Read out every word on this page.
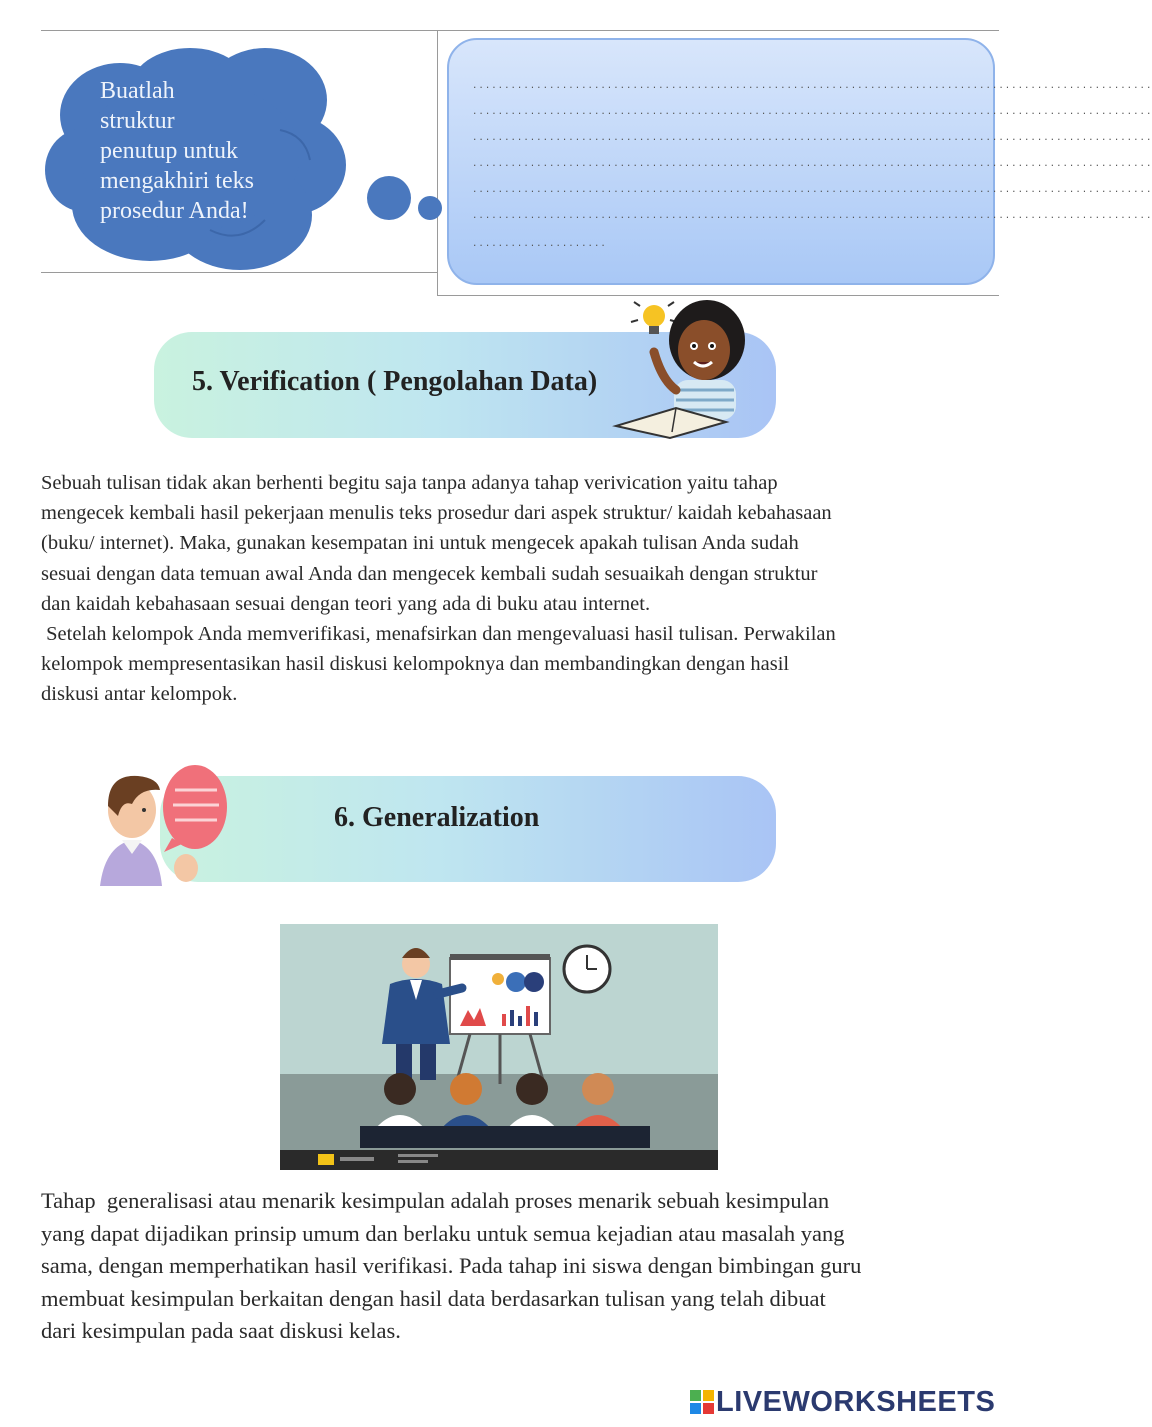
Buatlah
struktur
penutup untuk
mengakhiri teks
prosedur Anda!
..........................................................................................................
..........................................................................................................
..........................................................................................................
..........................................................................................................
..........................................................................................................
..........................................................................................................
.....................
5. Verification ( Pengolahan Data)
Sebuah tulisan tidak akan berhenti begitu saja tanpa adanya tahap verivication yaitu tahap
mengecek kembali hasil pekerjaan menulis teks prosedur dari aspek struktur/ kaidah kebahasaan
(buku/ internet). Maka, gunakan kesempatan ini untuk mengecek apakah tulisan Anda sudah
sesuai dengan data temuan awal Anda dan mengecek kembali sudah sesuaikah dengan struktur
dan kaidah kebahasaan sesuai dengan teori yang ada di buku atau internet.
Setelah kelompok Anda memverifikasi, menafsirkan dan mengevaluasi hasil tulisan. Perwakilan
kelompok mempresentasikan hasil diskusi kelompoknya dan membandingkan dengan hasil
diskusi antar kelompok.
6. Generalization
Tahap  generalisasi atau menarik kesimpulan adalah proses menarik sebuah kesimpulan
yang dapat dijadikan prinsip umum dan berlaku untuk semua kejadian atau masalah yang
sama, dengan memperhatikan hasil verifikasi. Pada tahap ini siswa dengan bimbingan guru
membuat kesimpulan berkaitan dengan hasil data berdasarkan tulisan yang telah dibuat
dari kesimpulan pada saat diskusi kelas.
LIVEWORKSHEETS
